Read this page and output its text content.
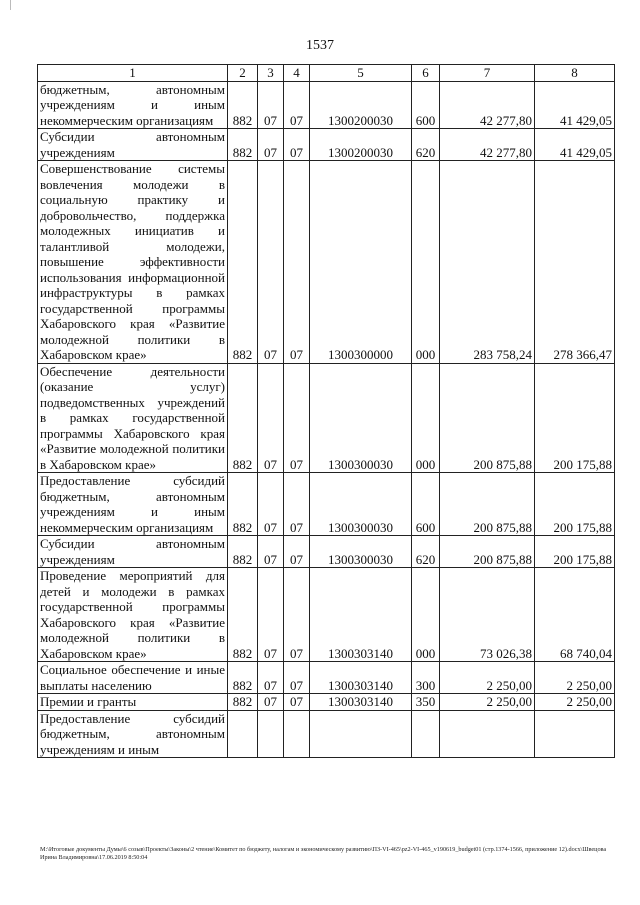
1537
1	2	3	4	5	6	7	8
бюджетным, автономным учреждениям и иным некоммерческим организациям	882	07	07	1300200030	600	42 277,80	41 429,05
Субсидии автономным учреждениям	882	07	07	1300200030	620	42 277,80	41 429,05
Совершенствование системы вовлечения молодежи в социальную практику и добровольчество, поддержка молодежных инициатив и талантливой молодежи, повышение эффективности использования информационной инфраструктуры в рамках государственной программы Хабаровского края «Развитие молодежной политики в Хабаровском крае»	882	07	07	1300300000	000	283 758,24	278 366,47
Обеспечение деятельности (оказание услуг) подведомственных учреждений в рамках государственной программы Хабаровского края «Развитие молодежной политики в Хабаровском крае»	882	07	07	1300300030	000	200 875,88	200 175,88
Предоставление субсидий бюджетным, автономным учреждениям и иным некоммерческим организациям	882	07	07	1300300030	600	200 875,88	200 175,88
Субсидии автономным учреждениям	882	07	07	1300300030	620	200 875,88	200 175,88
Проведение мероприятий для детей и молодежи в рамках государственной программы Хабаровского края «Развитие молодежной политики в Хабаровском крае»	882	07	07	1300303140	000	73 026,38	68 740,04
Социальное обеспечение и иные выплаты населению	882	07	07	1300303140	300	2 250,00	2 250,00
Премии и гранты	882	07	07	1300303140	350	2 250,00	2 250,00
Предоставление субсидий бюджетным, автономным учреждениям и иным							
M:\Итоговые документы Думы\6 созыв\Проекты\Законы\2 чтение\Комитет по бюджету, налогам и экономическому развитию\ПЗ-VI-465\pz2-VI-465_v190619_budget01 (стр.1374-1566, приложение 12).docx\Швецова Ирина Владимировна\17.06.2019 8:50:04
